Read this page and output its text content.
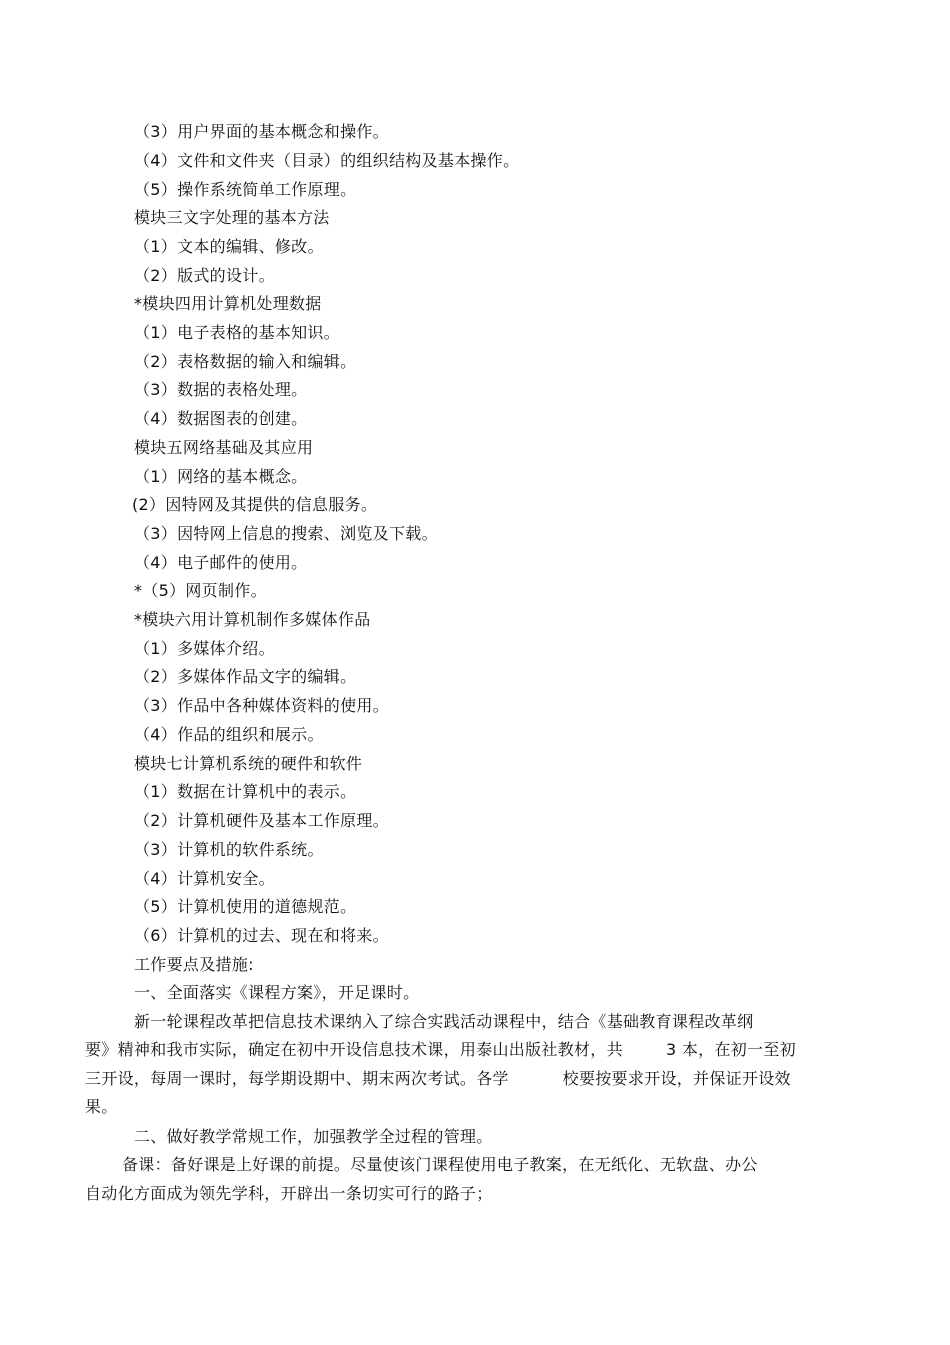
（3）用户界面的基本概念和操作。
（4）文件和文件夹（目录）的组织结构及基本操作。
（5）操作系统简单工作原理。
模块三文字处理的基本方法
（1）文本的编辑、修改。
（2）版式的设计。
*模块四用计算机处理数据
（1）电子表格的基本知识。
（2）表格数据的输入和编辑。
（3）数据的表格处理。
（4）数据图表的创建。
模块五网络基础及其应用
（1）网络的基本概念。
(2）因特网及其提供的信息服务。
（3）因特网上信息的搜索、浏览及下载。
（4）电子邮件的使用。
*（5）网页制作。
*模块六用计算机制作多媒体作品
（1）多媒体介绍。
（2）多媒体作品文字的编辑。
（3）作品中各种媒体资料的使用。
（4）作品的组织和展示。
模块七计算机系统的硬件和软件
（1）数据在计算机中的表示。
（2）计算机硬件及基本工作原理。
（3）计算机的软件系统。
（4）计算机安全。
（5）计算机使用的道德规范。
（6）计算机的过去、现在和将来。
工作要点及措施:
一、全面落实《课程方案》，开足课时。
新一轮课程改革把信息技术课纳入了综合实践活动课程中，结合《基础教育课程改革纲
要》精神和我市实际，确定在初中开设信息技术课，用泰山出版社教材，共        3 本，在初一至初
三开设，每周一课时，每学期设期中、期末两次考试。各学          校要按要求开设，并保证开设效
果。
二、做好教学常规工作，加强教学全过程的管理。
备课：备好课是上好课的前提。尽量使该门课程使用电子教案，在无纸化、无软盘、办公
自动化方面成为领先学科，开辟出一条切实可行的路子；
